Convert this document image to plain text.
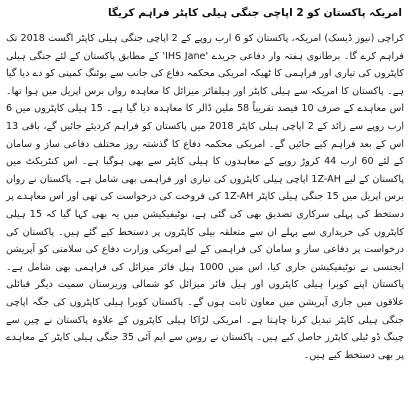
امریکہ پاکستان کو 2 اپاچی جنگی ہیلی کاپٹر فراہم کریگا

کراچی (نیوز ڈیسک) امریکہ، پاکستان کو 6 ارب روپے کے 2 اپاچی جنگی ہیلی کاپٹر اگست 2018 تک فراہم کرے گا۔ برطانوی ہفتہ وار دفاعی جریدے 'IHS Jane' کے مطابق پاکستان کے لئے جنگی ہیلی کاپٹروں کی تیاری اور فراہمی کا ٹھیکہ امریکی محکمہ دفاع کی جانب سے بوئنگ کمپنی کو دے دیا گیا ہے۔ پاکستان کا امریکہ سے ہیلی کاپٹر اور ہیلفائر میزائل کا معاہدہ رواں برس اپریل میں ہوا تھا۔ اس معاہدے کے صرف 10 فیصد تقریباً 58 ملین ڈالر کا معاہدہ دیا گیا ہے۔ 15 ہیلی کاپٹروں میں 6 ارب روپے سے زائد کے 2 اپاچی ہیلی کاپٹر 2018 میں پاکستان کو فراہم کردیئے جائیں گے، باقی 13 اس کے بعد فراہم کیے جائیں گے۔ امریکی محکمہ دفاع کا گذشتہ روز مختلف دفاعی ساز و سامان کے لئے 60 ارب 44 کروڑ روپے کے معاہدوں کا ہیلی کاپٹر سے بھی ہوگیا ہے۔ اس کنٹریکٹ میں پاکستان کے لیے 1Z-AH اپاچی ہیلی کاپٹروں کی تیاری اور فراہمی بھی شامل ہے۔ پاکستان نے رواں برس اپریل میں 15 جنگی ہیلی کاپٹر 1Z-AH کی فروخت کی درخواست کی تھی اور اس معاہدے پر دستخط کی پہلی سرکاری تصدیق بھی کی گئی ہے، نوٹیفیکیشن میں یہ بھی کہا گیا کہ 15 ہیلی کاپٹروں کی خریداری سے پہلے ان سے متعلقہ بیلی کاپٹروں پر دستخط کیے گئے ہیں۔ پاکستان کی درخواست پر دفاعی ساز و سامان کی فراہمی کے لیے امریکی وزارت دفاع کی سلامتی کو آپریشن ایجنسی نے نوٹیفیکیشن جاری کیا، اس میں 1000 ہیل فائر میزائل کی فراہمی بھی شامل ہے۔ پاکستان اپنے کوبرا ہیلی کاپٹروں اور ہیل فائر میزائل کو شمالی وزیرستان سمیت دیگر قبائلی علاقوں میں جاری آپریشن میں معاون ثابت ہوں گے۔ پاکستان کوبرا ہیلی کاپٹروں کی جگہ اپاچی جنگی ہیلی کاپٹر تبدیل کرنا چاہتا ہے۔ امریکی لڑاکا ہیلی کاپٹروں کے علاوہ پاکستان نے چین سے چینگ ڈو ٹیلی کاپٹرز حاصل کیے ہیں۔ پاکستان نے روس سے ایم آئی 35 جنگی ہیلی کاپٹر کے معاہدے پر بھی دستخط کیے ہیں۔
